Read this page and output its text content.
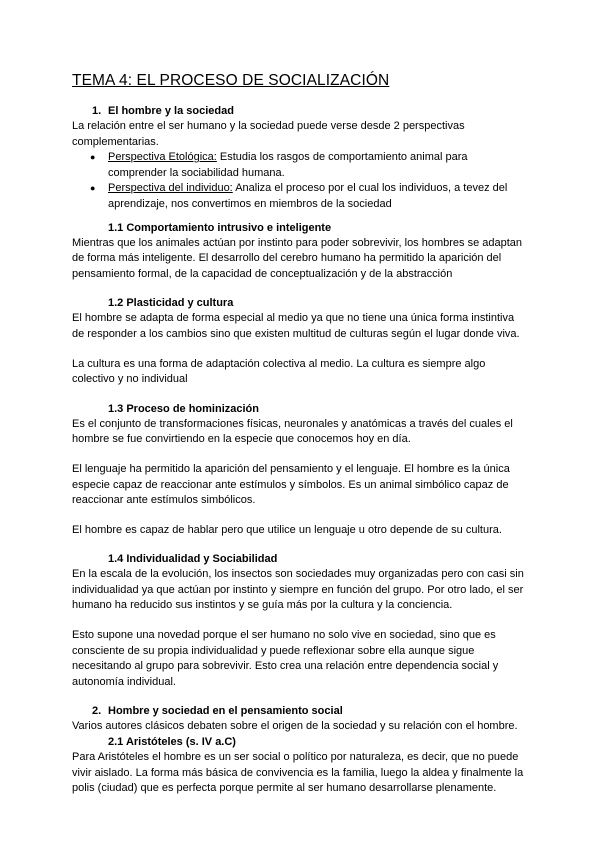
TEMA 4: EL PROCESO DE SOCIALIZACIÓN
1. El hombre y la sociedad

La relación entre el ser humano y la sociedad puede verse desde 2 perspectivas complementarias.

● Perspectiva Etológica: Estudia los rasgos de comportamiento animal para comprender la sociabilidad humana.
● Perspectiva del individuo: Analiza el proceso por el cual los individuos, a tevez del aprendizaje, nos convertimos en miembros de la sociedad
1.1 Comportamiento intrusivo e inteligente

Mientras que los animales actúan por instinto para poder sobrevivir, los hombres se adaptan de forma más inteligente. El desarrollo del cerebro humano ha permitido la aparición del pensamiento formal, de la capacidad de conceptualización y de la abstracción

1.2 Plasticidad y cultura

El hombre se adapta de forma especial al medio ya que no tiene una única forma instintiva de responder a los cambios sino que existen multitud de culturas según el lugar donde viva.

La cultura es una forma de adaptación colectiva al medio. La cultura es siempre algo colectivo y no individual

1.3 Proceso de hominización

Es el conjunto de transformaciones físicas, neuronales y anatómicas a través del cuales el hombre se fue convirtiendo en la especie que conocemos hoy en día.

El lenguaje ha permitido la aparición del pensamiento y el lenguaje. El hombre es la única especie capaz de reaccionar ante estímulos y símbolos. Es un animal simbólico capaz de reaccionar ante estímulos simbólicos.

El hombre es capaz de hablar pero que utilice un lenguaje u otro depende de su cultura.

1.4 Individualidad y Sociabilidad

En la escala de la evolución, los insectos son sociedades muy organizadas pero con casi sin individualidad ya que actúan por instinto y siempre en función del grupo. Por otro lado, el ser humano ha reducido sus instintos y se guía más por la cultura y la conciencia.

Esto supone una novedad porque el ser humano no solo vive en sociedad, sino que es consciente de su propia individualidad y puede reflexionar sobre ella aunque sigue necesitando al grupo para sobrevivir. Esto crea una relación entre dependencia social y autonomía individual.

2. Hombre y sociedad en el pensamiento social

Varios autores clásicos debaten sobre el origen de la sociedad y su relación con el hombre.

2.1 Aristóteles (s. IV a.C)

Para Aristóteles el hombre es un ser social o político por naturaleza, es decir, que no puede vivir aislado. La forma más básica de convivencia es la familia, luego la aldea y finalmente la polis (ciudad) que es perfecta porque permite al ser humano desarrollarse plenamente.
